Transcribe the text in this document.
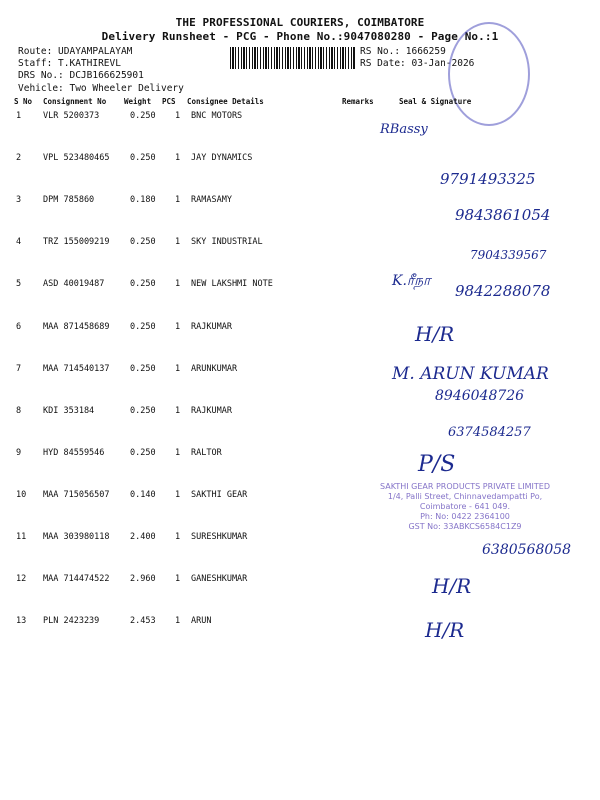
THE PROFESSIONAL COURIERS, COIMBATORE
Delivery Runsheet - PCG - Phone No.:9047080280 - Page No.:1
Route: UDAYAMPALAYAM
Staff: T.KATHIREVL
DRS No.: DCJB166625901
Vehicle: Two Wheeler Delivery
RS No.: 1666259
RS Date: 03-Jan-2026
S No Consignment No Weight PCS Consignee Details	Remarks	Seal & Signature
1	VLR 5200373	0.250 1 BNC MOTORS
2	VPL 523480465 0.250 1 JAY DYNAMICS
3	DPM 785860	0.180 1 RAMASAMY
4	TRZ 155009219 0.250 1 SKY INDUSTRIAL
5	ASD 40019487	0.250 1 NEW LAKSHMI NOTE
6	MAA 871458689 0.250 1 RAJKUMAR
7	MAA 714540137 0.250 1 ARUNKUMAR
8	KDI 353184	0.250 1 RAJKUMAR
9	HYD 84559546	0.250 1 RALTOR
10 MAA 715056507 0.140 1 SAKTHI GEAR
11 MAA 303980118 2.400 1 SURESHKUMAR
12 MAA 714474522 2.960 1 GANESHKUMAR
13 PLN 2423239	2.453 1 ARUN
RBassy
9791493325
9843861054
7904339567
K.ரீநா
9842288078
H/R
M. ARUN KUMAR
8946048726
6374584257
P/S
SAKTHI GEAR PRODUCTS PRIVATE LIMITED
1/4, Palli Street, Chinnavedampatti Po,
Coimbatore - 641 049.
Ph: No: 0422 2364100
GST No: 33ABKCS6584C1Z9
6380568058
H/R
H/R
